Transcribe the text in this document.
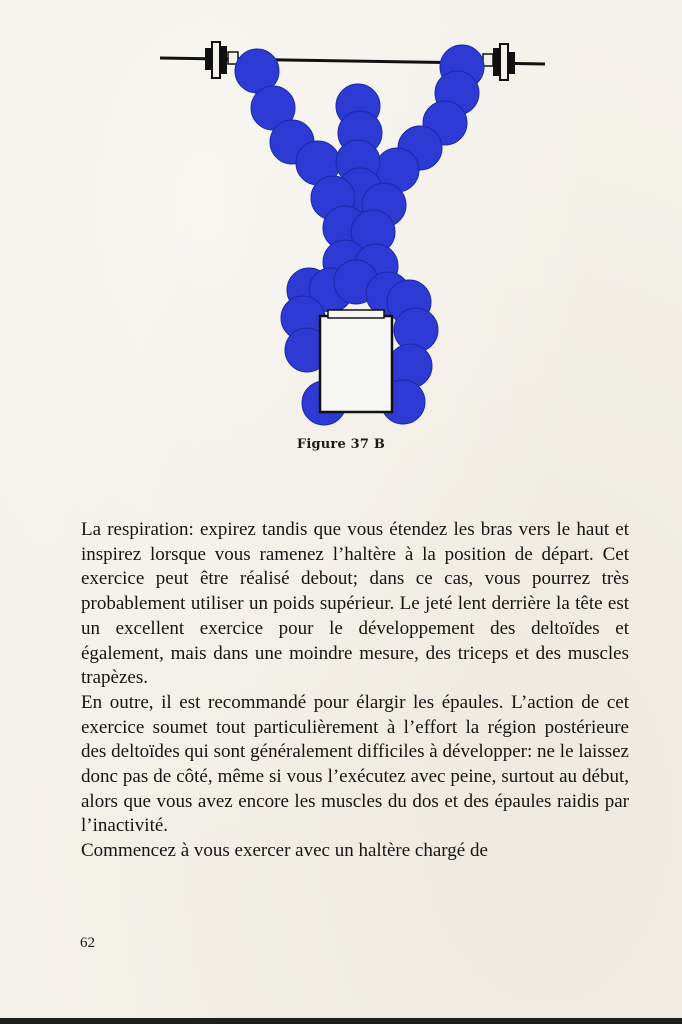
Figure 37 B

La respiration: expirez tandis que vous étendez les bras vers le haut et inspirez lorsque vous ramenez l’haltère à la position de départ. Cet exercice peut être réalisé debout; dans ce cas, vous pourrez très probablement utiliser un poids supérieur. Le jeté lent derrière la tête est un excellent exercice pour le développement des deltoïdes et également, mais dans une moindre mesure, des triceps et des muscles trapèzes.

En outre, il est recommandé pour élargir les épaules. L’action de cet exercice soumet tout particulièrement à l’effort la région postérieure des deltoïdes qui sont généralement difficiles à développer: ne le laissez donc pas de côté, même si vous l’exécutez avec peine, surtout au début, alors que vous avez encore les muscles du dos et des épaules raidis par l’inactivité.

Commencez à vous exercer avec un haltère chargé de

62
